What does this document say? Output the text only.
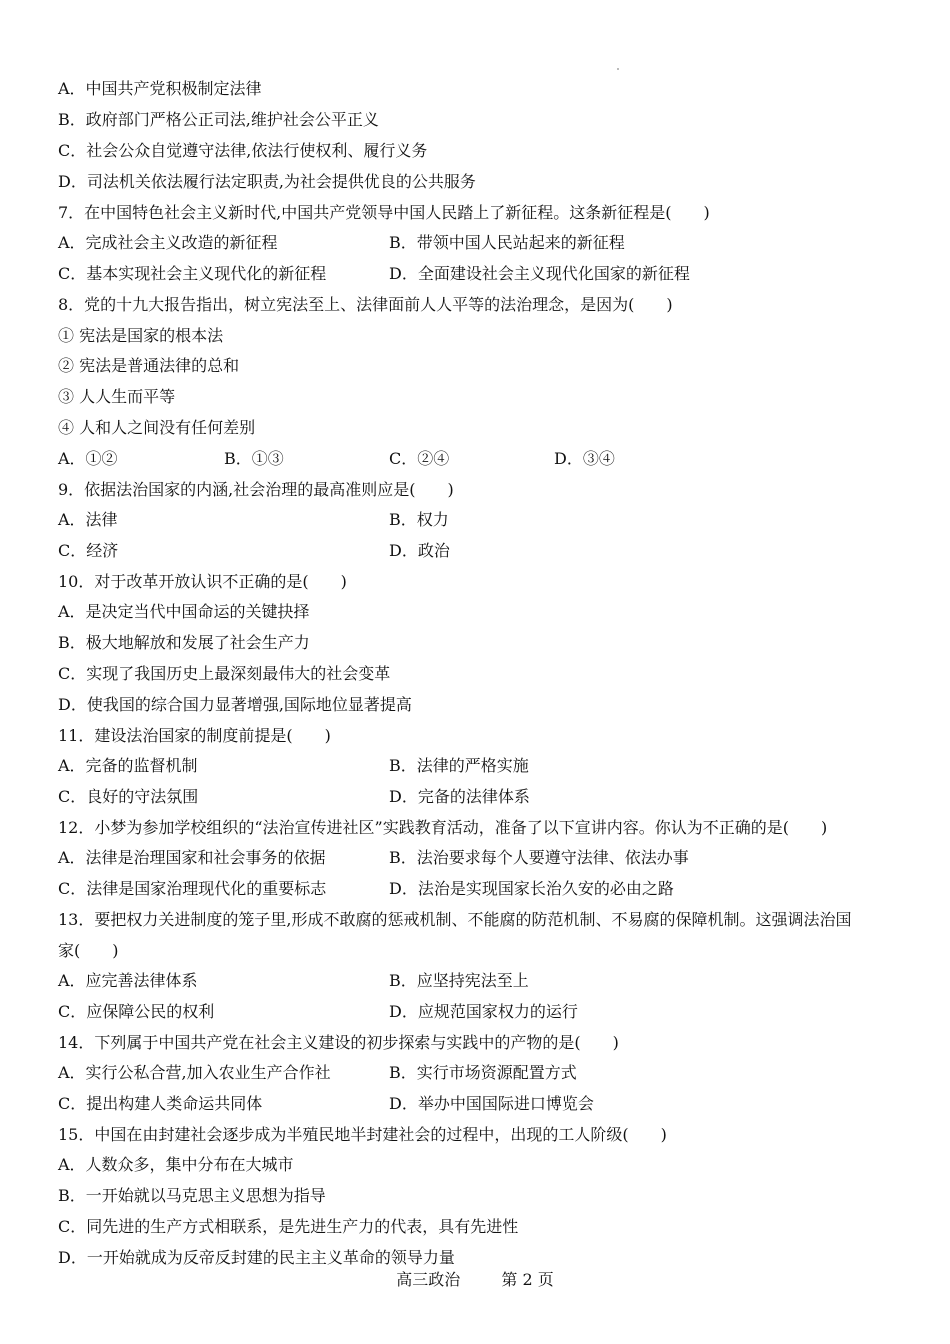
A．中国共产党积极制定法律
B．政府部门严格公正司法,维护社会公平正义
C．社会公众自觉遵守法律,依法行使权利、履行义务
D．司法机关依法履行法定职责,为社会提供优良的公共服务
7．在中国特色社会主义新时代,中国共产党领导中国人民踏上了新征程。这条新征程是(　　)
A．完成社会主义改造的新征程	B．带领中国人民站起来的新征程
C．基本实现社会主义现代化的新征程	D．全面建设社会主义现代化国家的新征程
8．党的十九大报告指出，树立宪法至上、法律面前人人平等的法治理念，是因为(　　)
① 宪法是国家的根本法
② 宪法是普通法律的总和
③ 人人生而平等
④ 人和人之间没有任何差别
A．①②	B．①③	C．②④	D．③④
9．依据法治国家的内涵,社会治理的最高准则应是(　　)
A．法律	B．权力
C．经济	D．政治
10．对于改革开放认识不正确的是(　　)
A．是决定当代中国命运的关键抉择
B．极大地解放和发展了社会生产力
C．实现了我国历史上最深刻最伟大的社会变革
D．使我国的综合国力显著增强,国际地位显著提高
11．建设法治国家的制度前提是(　　)
A．完备的监督机制	B．法律的严格实施
C．良好的守法氛围	D．完备的法律体系
12．小梦为参加学校组织的“法治宣传进社区”实践教育活动，准备了以下宣讲内容。你认为不正确的是(　　)
A．法律是治理国家和社会事务的依据	B．法治要求每个人要遵守法律、依法办事
C．法律是国家治理现代化的重要标志	D．法治是实现国家长治久安的必由之路
13．要把权力关进制度的笼子里,形成不敢腐的惩戒机制、不能腐的防范机制、不易腐的保障机制。这强调法治国
家(　　)
A．应完善法律体系	B．应坚持宪法至上
C．应保障公民的权利	D．应规范国家权力的运行
14．下列属于中国共产党在社会主义建设的初步探索与实践中的产物的是(　　)
A．实行公私合营,加入农业生产合作社	B．实行市场资源配置方式
C．提出构建人类命运共同体	D．举办中国国际进口博览会
15．中国在由封建社会逐步成为半殖民地半封建社会的过程中，出现的工人阶级(　　)
A．人数众多，集中分布在大城市
B．一开始就以马克思主义思想为指导
C．同先进的生产方式相联系，是先进生产力的代表，具有先进性
D．一开始就成为反帝反封建的民主主义革命的领导力量
高三政治	第 2 页
